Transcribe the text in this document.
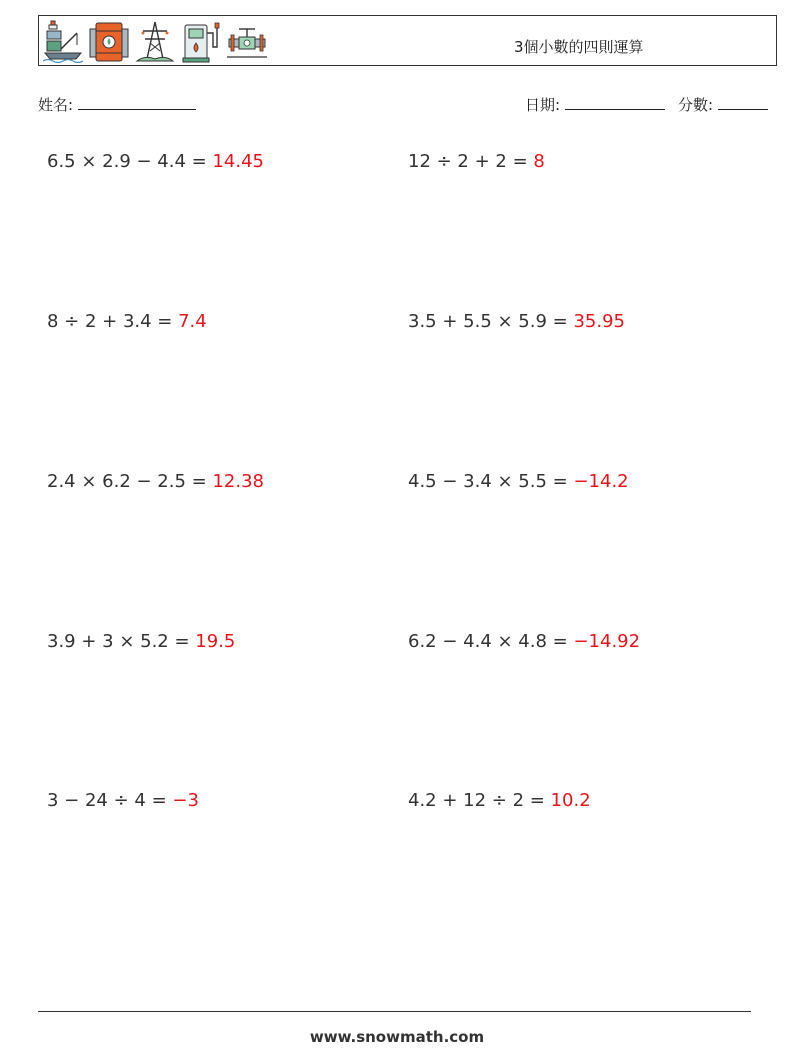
3個小數的四則運算
姓名:	日期:	分數:
6.5 × 2.9 − 4.4 = 14.45	12 ÷ 2 + 2 = 8
8 ÷ 2 + 3.4 = 7.4	3.5 + 5.5 × 5.9 = 35.95
2.4 × 6.2 − 2.5 = 12.38	4.5 − 3.4 × 5.5 = −14.2
3.9 + 3 × 5.2 = 19.5	6.2 − 4.4 × 4.8 = −14.92
3 − 24 ÷ 4 = −3	4.2 + 12 ÷ 2 = 10.2
www.snowmath.com
